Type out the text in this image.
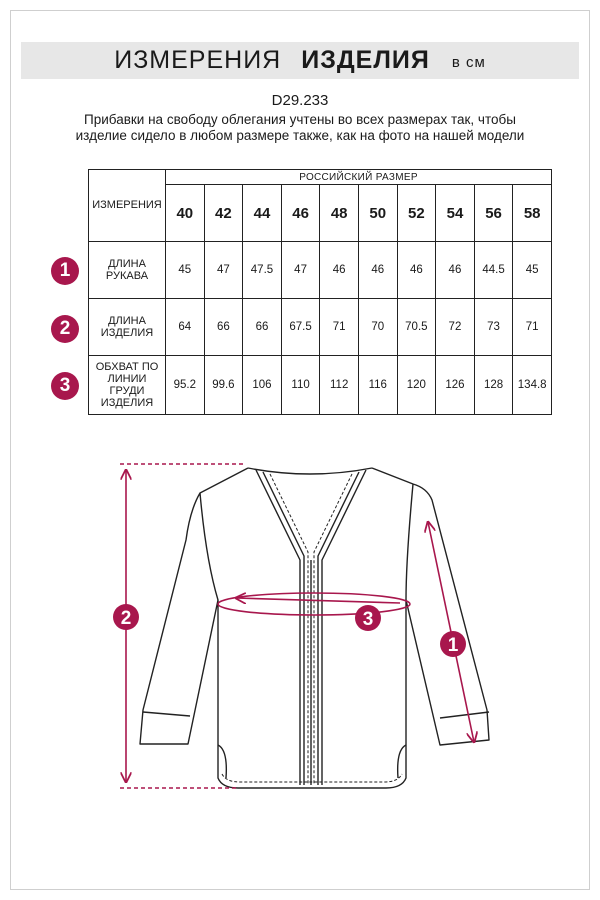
ИЗМЕРЕНИЯ ИЗДЕЛИЯ в см
D29.233
Прибавки на свободу облегания учтены во всех размерах так, чтобы изделие сидело в любом размере также, как на фото на нашей модели
ИЗМЕРЕНИЯ	РОССИЙСКИЙ РАЗМЕР									
	40	42	44	46	48	50	52	54	56	58
ДЛИНА РУКАВА	45	47	47.5	47	46	46	46	46	44.5	45
ДЛИНА ИЗДЕЛИЯ	64	66	66	67.5	71	70	70.5	72	73	71
ОБХВАТ ПО ЛИНИИ ГРУДИ ИЗДЕЛИЯ	95.2	99.6	106	110	112	116	120	126	128	134.8
1
2
3
2	3
1
